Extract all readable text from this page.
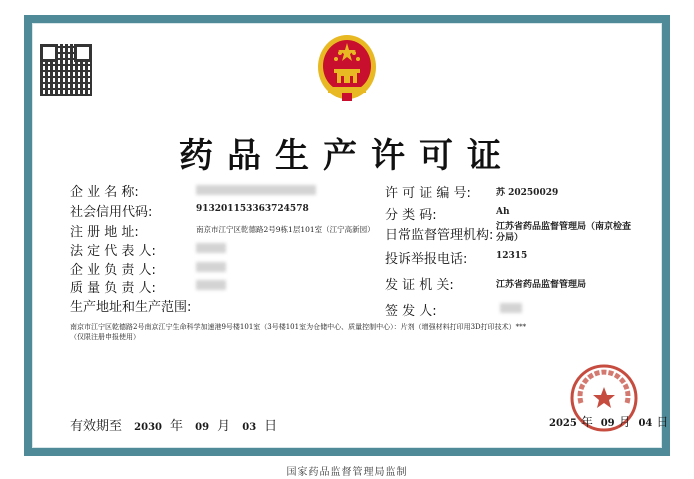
药品生产许可证
企 业 名 称:
社会信用代码:
注 册 地 址:
法 定 代 表 人:
企 业 负 责 人:
质 量 负 责 人:
生产地址和生产范围:
913201153363724578
南京市江宁区乾德路2号9栋1层101室（江宁高新园）
许 可 证 编 号:
分 类 码:
日常监督管理机构:
投诉举报电话:
发 证 机 关:
签 发 人:
苏 20250029
Ah
江苏省药品监督管理局（南京检查分局）
12315
江苏省药品监督管理局
南京市江宁区乾德路2号南京江宁生命科学加速港9号楼101室（3号楼101室为仓储中心、质量控制中心）：片剂（增强材料打印用3D打印技术）***（仅限注册申报使用）
有效期至 2030 年 09 月 03 日	2025 年 09 月 04 日
国家药品监督管理局监制
